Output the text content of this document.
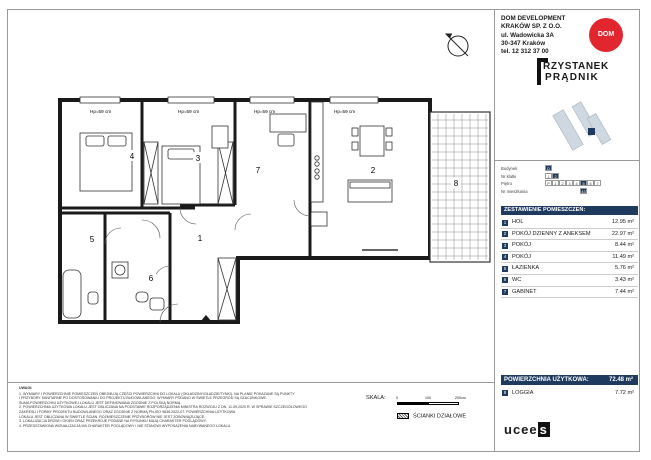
1
2
3
4
5
6
7
8
Hp=59 cm	Hp=59 cm	Hp=59 cm	Hp=59 cm
DOM DEVELOPMENT
KRAKÓW SP. Z O.O.
ul. Wadowicka 3A
30-347 Kraków
tel. 12 312 37 00
DOM
RZYSTANEK
PRĄDNIK
Budynek	D
Nr klatki	1	2
Piętro	P	1	2	3	4	5	6	7
Nr mieszkania	43
ZESTAWIENIE POMIESZCZEŃ:
1	HOL	12.95 m²
2	POKÓJ DZIENNY Z ANEKSEM	22.97 m²
3	POKÓJ	8.44 m²
4	POKÓJ	11.49 m²
5	ŁAZIENKA	5.76 m²
6	WC	3.43 m²
7	GABINET	7.44 m²
POWIERZCHNIA UŻYTKOWA:	72.48 m²
8	LOGGIA	7.72 m²
UWAGI:
1. WYMIARY I POWIERZCHNIE POMIESZCZEŃ OBEJMUJĄ CZĘŚCI POWIERZCHNI DO LOKALU (OKŁADZINY/GŁADZIE/TYNKI). NA PLANIE POKAZANE SĄ PUNKTY
I PRZYBORY SANITARNE PO DOSTOSOWANIU DO PROJEKTU BUDOWLANEGO. WYMIARY PODANO W ŚWIETLE PRZEGRÓD SĄ SZACUNKOWE.
SUMA POWIERZCHNI UŻYTKOWEJ LOKALU JEST DEFINIOWANA ZGODNIE Z POLSKĄ NORMĄ.
2. POWIERZCHNIA UŻYTKOWA LOKALU JEST OBLICZANA NA PODSTAWIE ROZPORZĄDZENIA MINISTRA ROZWOJU Z DN. 11.09.2020 R. W SPRAWIE SZCZEGÓŁOWEGO
ZAKRESU I FORMY PROJEKTU BUDOWLANEGO ORAZ ZGODNIE Z NORMĄ PN-ISO 9836:2022-07. POWIERZCHNIA UŻYTKOWA
LOKALU JEST OBLICZANA W ŚWIETLE ŚCIAN. ROZMIESZCZENIE PRZYBORÓW NIE JEST ZOBOWIĄZUJĄCE.
3. LOKALIZACJA DRZWI I OKIEN ORAZ PRZEKROJE PODANE NA RYSUNKU MAJĄ CHARAKTER POGLĄDOWY.
4. PRZEDSTAWIONA WIZUALIZACJA MA CHARAKTER POGLĄDOWY I NIE STANOWI WYPOSAŻENIA NABYWANEGO LOKALU.
SKALA:	0	100	200cm
ŚCIANKI DZIAŁOWE
ucee s
